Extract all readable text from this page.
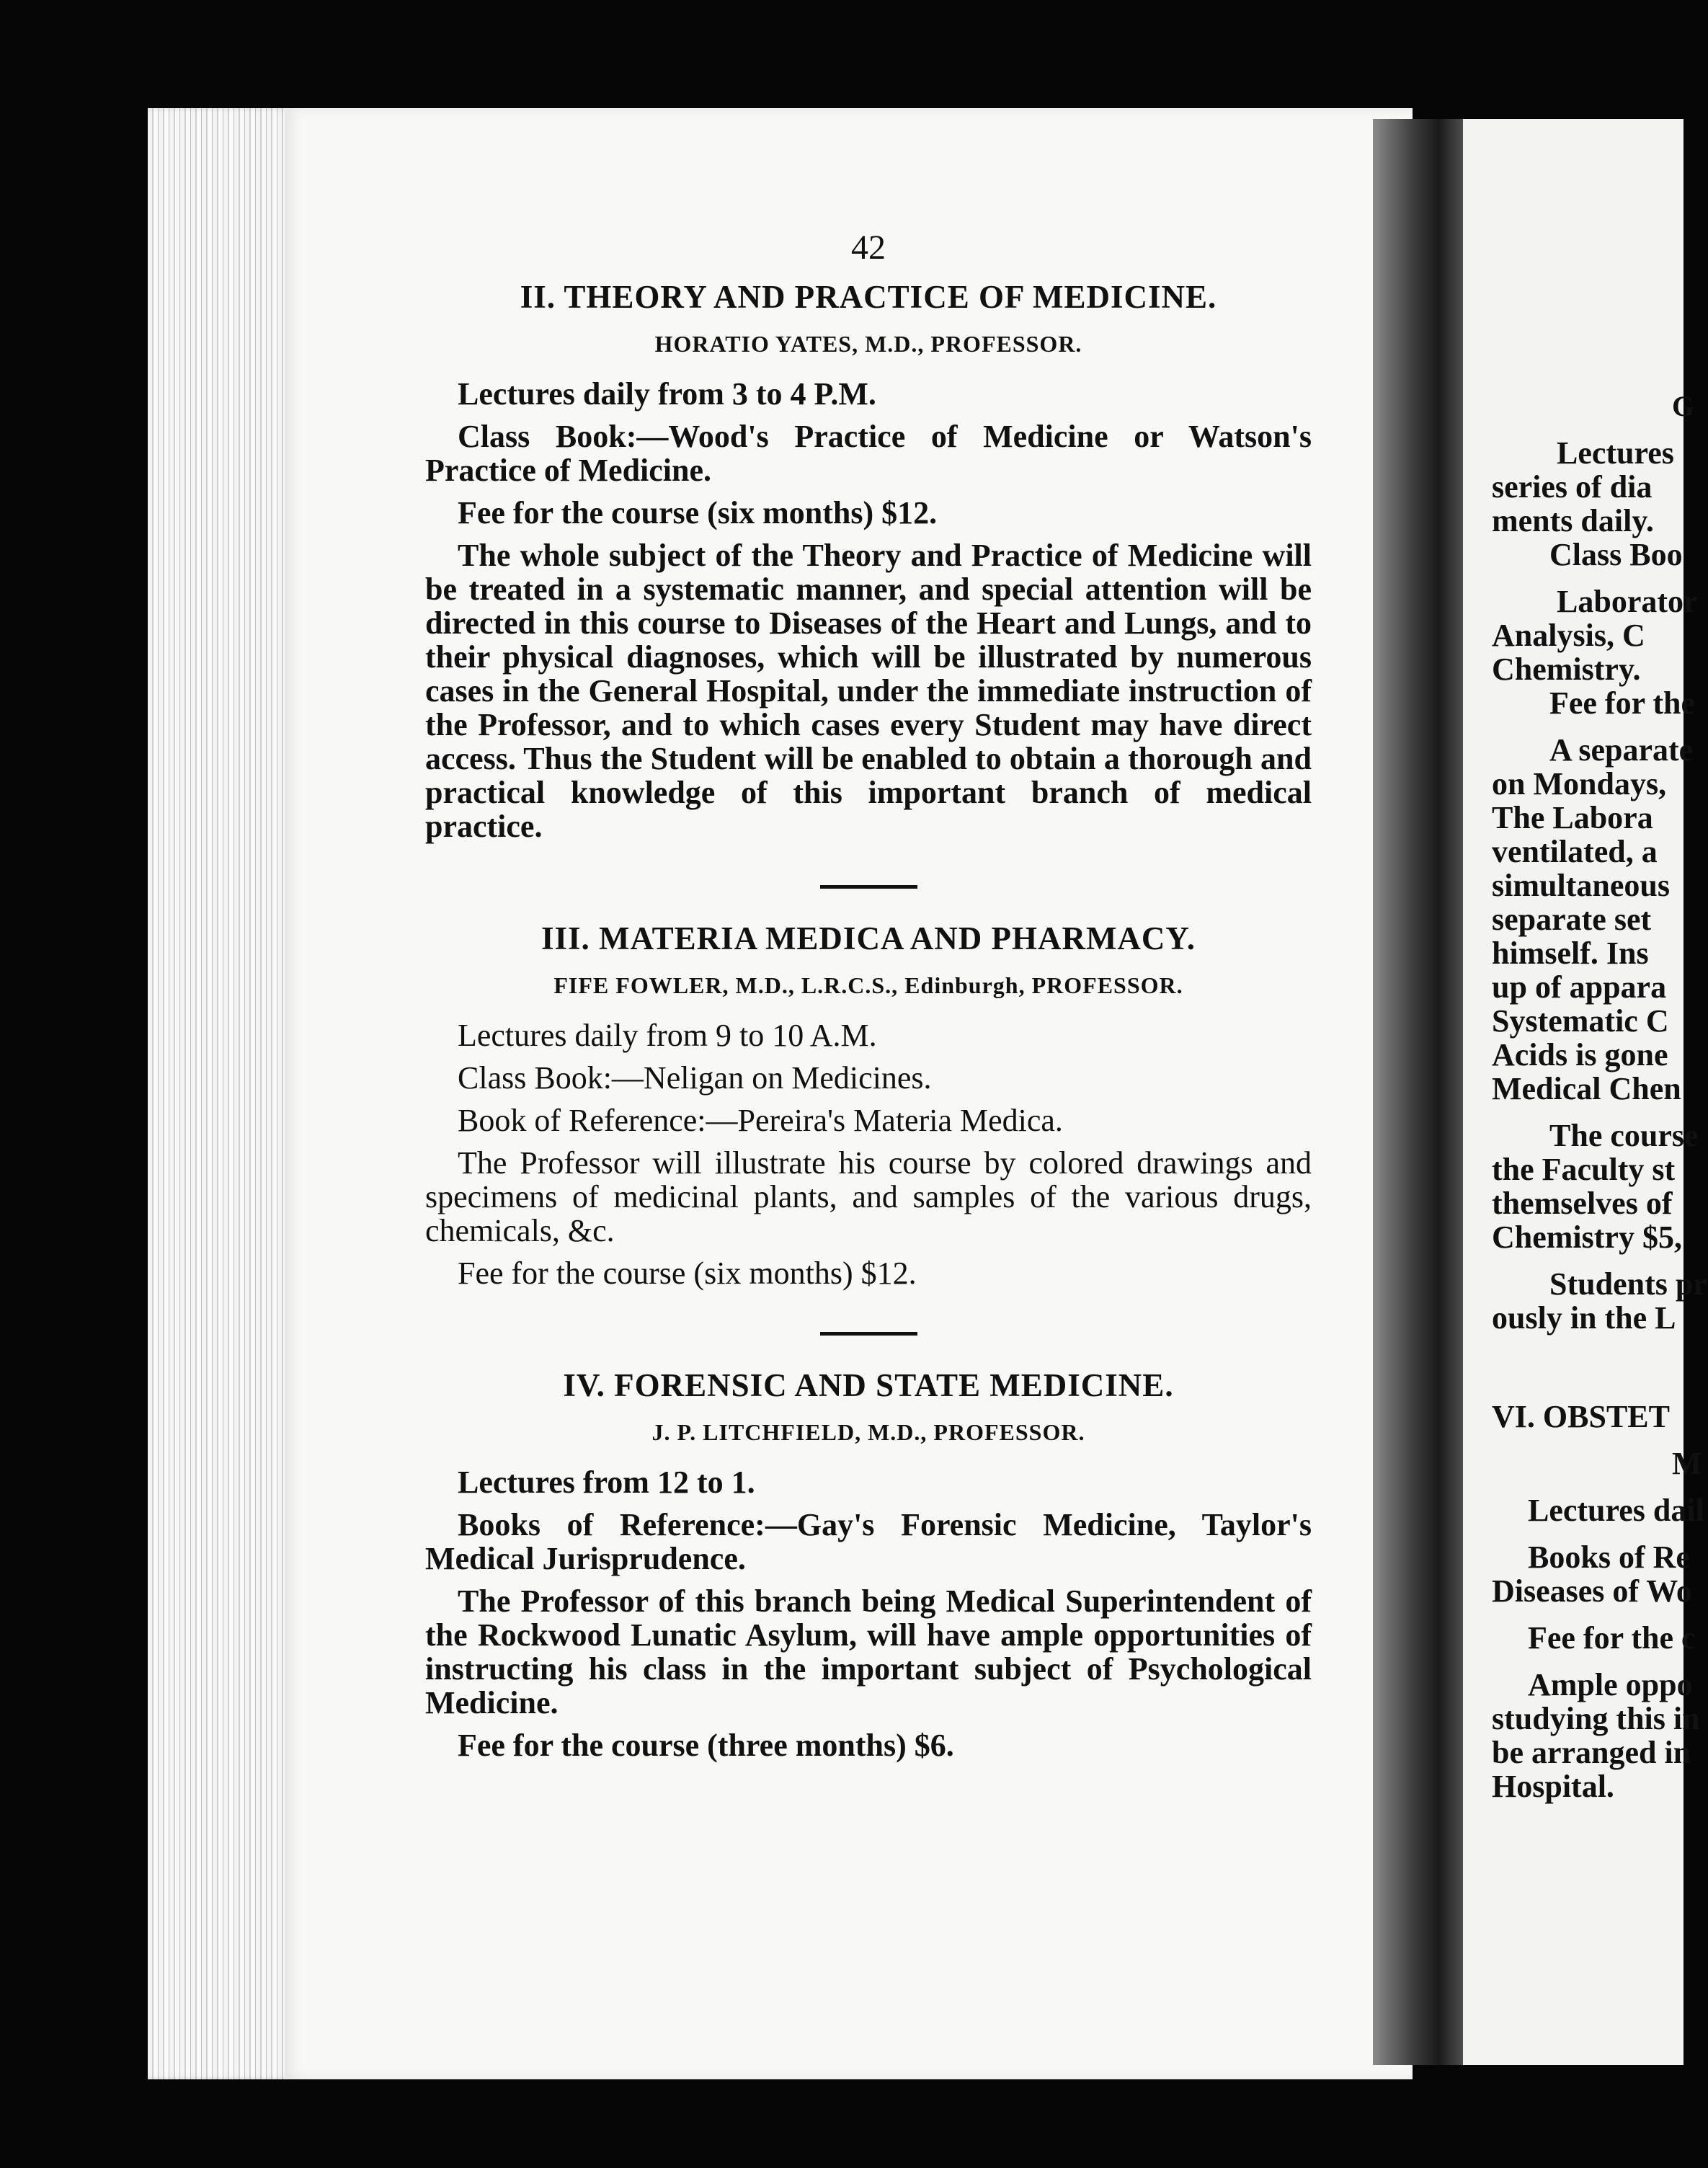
42
II. THEORY AND PRACTICE OF MEDICINE.
HORATIO YATES, M.D., PROFESSOR.

Lectures daily from 3 to 4 P.M.

Class Book:—Wood's Practice of Medicine or Watson's Practice of Medicine.

Fee for the course (six months) $12.

The whole subject of the Theory and Practice of Medicine will be treated in a systematic manner, and special attention will be directed in this course to Diseases of the Heart and Lungs, and to their physical diagnoses, which will be illustrated by numerous cases in the General Hospital, under the immediate instruction of the Professor, and to which cases every Student may have direct access. Thus the Student will be enabled to obtain a thorough and practical knowledge of this important branch of medical practice.

III. MATERIA MEDICA AND PHARMACY.
FIFE FOWLER, M.D., L.R.C.S., Edinburgh, PROFESSOR.

Lectures daily from 9 to 10 A.M.

Class Book:—Neligan on Medicines.

Book of Reference:—Pereira's Materia Medica.

The Professor will illustrate his course by colored drawings and specimens of medicinal plants, and samples of the various drugs, chemicals, &c.

Fee for the course (six months) $12.

IV. FORENSIC AND STATE MEDICINE.
J. P. LITCHFIELD, M.D., PROFESSOR.

Lectures from 12 to 1.

Books of Reference:—Gay's Forensic Medicine, Taylor's Medical Jurisprudence.

The Professor of this branch being Medical Superintendent of the Rockwood Lunatic Asylum, will have ample opportunities of instructing his class in the important subject of Psychological Medicine.

Fee for the course (three months) $6.

G
Lectures
series of dia
ments daily.
Class Boo
Laborator
Analysis, C
Chemistry.
Fee for the
A separate
on Mondays,
The Labora
ventilated, a
simultaneous
separate set
himself. Ins
up of appara
Systematic C
Acids is gone
Medical Chen
The course
the Faculty st
themselves of
Chemistry $5,
Students pr
ously in the L
VI. OBSTET
M
Lectures dail
Books of Re
Diseases of Wo
Fee for the c
Ample oppo
studying this in
be arranged in
Hospital.
